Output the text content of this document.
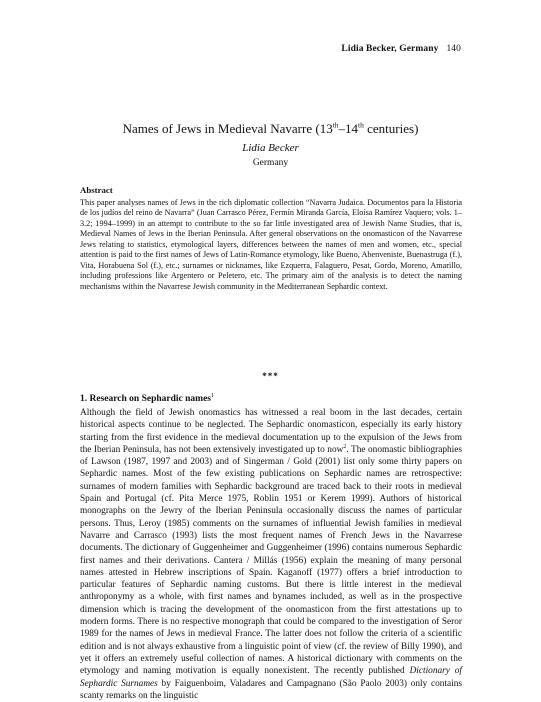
Lidia Becker, Germany 140
Names of Jews in Medieval Navarre (13th–14th centuries)
Lidia Becker
Germany
Abstract
This paper analyses names of Jews in the rich diplomatic collection “Navarra Judaica. Documentos para la Historia de los judíos del reino de Navarra” (Juan Carrasco Pérez, Fermín Miranda García, Eloísa Ramírez Vaquero; vols. 1–3.2; 1994–1999) in an attempt to contribute to the so far little investigated area of Jewish Name Studies, that is, Medieval Names of Jews in the Iberian Peninsula. After general observations on the onomasticon of the Navarrese Jews relating to statistics, etymological layers, differences between the names of men and women, etc., special attention is paid to the first names of Jews of Latin-Romance etymology, like Bueno, Abenveniste, Buenastruga (f.), Vita, Horabuena Sol (f.), etc.; surnames or nicknames, like Ezquerra, Falaguero, Pesat, Gordo, Moreno, Amarillo, including professions like Argentero or Peletero, etc. The primary aim of the analysis is to detect the naming mechanisms within the Navarrese Jewish community in the Mediterranean Sephardic context.
***
1. Research on Sephardic names$^1$
Although the field of Jewish onomastics has witnessed a real boom in the last decades, certain historical aspects continue to be neglected. The Sephardic onomasticon, especially its early history starting from the first evidence in the medieval documentation up to the expulsion of the Jews from the Iberian Peninsula, has not been extensively investigated up to now$^2$. The onomastic bibliographies of Lawson (1987, 1997 and 2003) and of Singerman / Gold (2001) list only some thirty papers on Sephardic names. Most of the few existing publications on Sephardic names are retrospective: surnames of modern families with Sephardic background are traced back to their roots in medieval Spain and Portugal (cf. Pita Merce 1975, Roblin 1951 or Kerem 1999). Authors of historical monographs on the Jewry of the Iberian Peninsula occasionally discuss the names of particular persons. Thus, Leroy (1985) comments on the surnames of influential Jewish families in medieval Navarre and Carrasco (1993) lists the most frequent names of French Jews in the Navarrese documents. The dictionary of Guggenheimer and Guggenheimer (1996) contains numerous Sephardic first names and their derivations. Cantera / Millás (1956) explain the meaning of many personal names attested in Hebrew inscriptions of Spain. Kaganoff (1977) offers a brief introduction to particular features of Sephardic naming customs. But there is little interest in the medieval anthroponymy as a whole, with first names and bynames included, as well as in the prospective dimension which is tracing the development of the onomasticon from the first attestations up to modern forms. There is no respective monograph that could be compared to the investigation of Seror 1989 for the names of Jews in medieval France. The latter does not follow the criteria of a scientific edition and is not always exhaustive from a linguistic point of view (cf. the review of Billy 1990), and yet it offers an extremely useful collection of names. A historical dictionary with comments on the etymology and naming motivation is equally nonexistent. The recently published Dictionary of Sephardic Surnames by Faiguenboim, Valadares and Campagnano (São Paolo 2003) only contains scanty remarks on the linguistic
